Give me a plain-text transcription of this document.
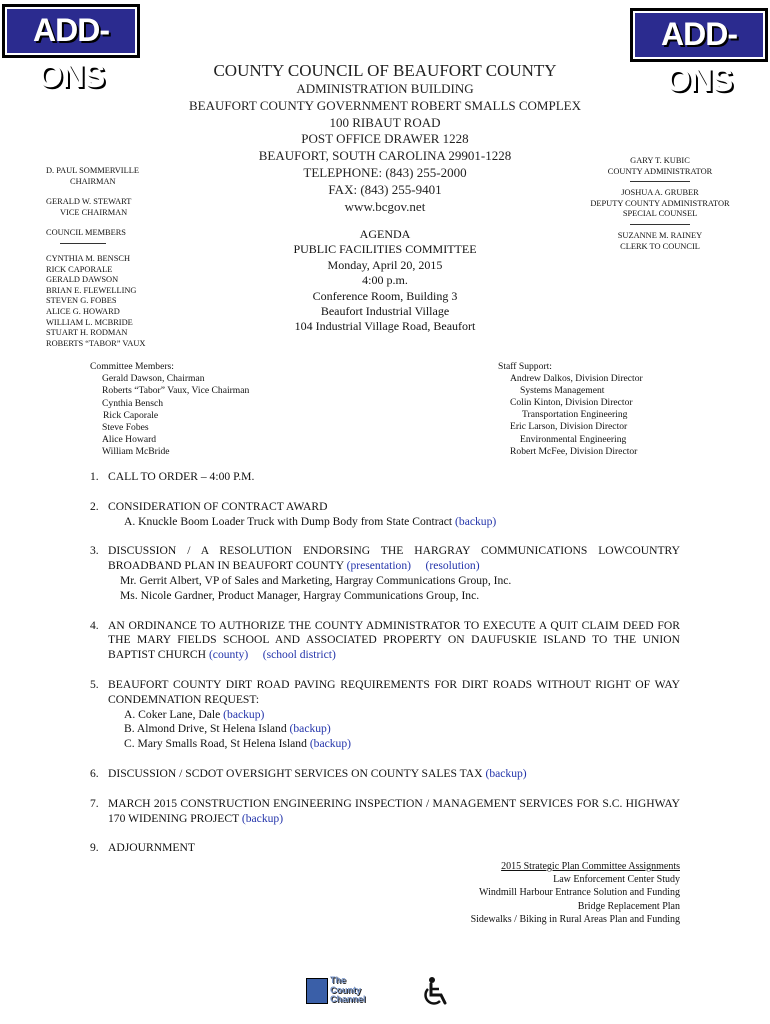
ADD-ONS
ADD-ONS
COUNTY COUNCIL OF BEAUFORT COUNTY
ADMINISTRATION BUILDING
BEAUFORT COUNTY GOVERNMENT ROBERT SMALLS COMPLEX
100 RIBAUT ROAD
POST OFFICE DRAWER 1228
BEAUFORT, SOUTH CAROLINA 29901-1228
TELEPHONE: (843) 255-2000
FAX: (843) 255-9401
www.bcgov.net
D. PAUL SOMMERVILLE
CHAIRMAN
GERALD W. STEWART
VICE CHAIRMAN
COUNCIL MEMBERS
CYNTHIA M. BENSCH
RICK CAPORALE
GERALD DAWSON
BRIAN E. FLEWELLING
STEVEN G. FOBES
ALICE G. HOWARD
WILLIAM L. MCBRIDE
STUART H. RODMAN
ROBERTS “TABOR” VAUX
GARY T. KUBIC
COUNTY ADMINISTRATOR
JOSHUA A. GRUBER
DEPUTY COUNTY ADMINISTRATOR
SPECIAL COUNSEL
SUZANNE M. RAINEY
CLERK TO COUNCIL
AGENDA
PUBLIC FACILITIES COMMITTEE
Monday, April 20, 2015
4:00 p.m.
Conference Room, Building 3
Beaufort Industrial Village
104 Industrial Village Road, Beaufort
Committee Members:
Gerald Dawson, Chairman
Roberts “Tabor” Vaux, Vice Chairman
Cynthia Bensch
Rick Caporale
Steve Fobes
Alice Howard
William McBride
Staff Support:
Andrew Dalkos, Division Director
Systems Management
Colin Kinton, Division Director
Transportation Engineering
Eric Larson, Division Director
Environmental Engineering
Robert McFee, Division Director
1. CALL TO ORDER – 4:00 P.M.
2. CONSIDERATION OF CONTRACT AWARD
A. Knuckle Boom Loader Truck with Dump Body from State Contract (backup)
3. DISCUSSION / A RESOLUTION ENDORSING THE HARGRAY COMMUNICATIONS LOWCOUNTRY BROADBAND PLAN IN BEAUFORT COUNTY (presentation) (resolution)
Mr. Gerrit Albert, VP of Sales and Marketing, Hargray Communications Group, Inc.
Ms. Nicole Gardner, Product Manager, Hargray Communications Group, Inc.
4. AN ORDINANCE TO AUTHORIZE THE COUNTY ADMINISTRATOR TO EXECUTE A QUIT CLAIM DEED FOR THE MARY FIELDS SCHOOL AND ASSOCIATED PROPERTY ON DAUFUSKIE ISLAND TO THE UNION BAPTIST CHURCH (county) (school district)
5. BEAUFORT COUNTY DIRT ROAD PAVING REQUIREMENTS FOR DIRT ROADS WITHOUT RIGHT OF WAY CONDEMNATION REQUEST:
A. Coker Lane, Dale (backup)
B. Almond Drive, St Helena Island (backup)
C. Mary Smalls Road, St Helena Island (backup)
6. DISCUSSION / SCDOT OVERSIGHT SERVICES ON COUNTY SALES TAX (backup)
7. MARCH 2015 CONSTRUCTION ENGINEERING INSPECTION / MANAGEMENT SERVICES FOR S.C. HIGHWAY 170 WIDENING PROJECT (backup)
9. ADJOURNMENT
2015 Strategic Plan Committee Assignments
Law Enforcement Center Study
Windmill Harbour Entrance Solution and Funding
Bridge Replacement Plan
Sidewalks / Biking in Rural Areas Plan and Funding
The
County
Channel
